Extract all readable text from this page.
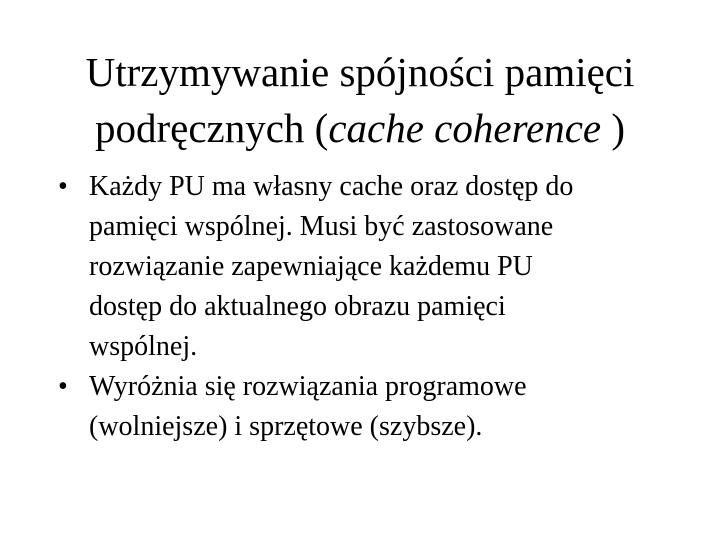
Utrzymywanie spójności pamięci
podręcznych (cache coherence )
• Każdy PU ma własny cache oraz dostęp do
pamięci wspólnej. Musi być zastosowane
rozwiązanie zapewniające każdemu PU
dostęp do aktualnego obrazu pamięci
wspólnej.
• Wyróżnia się rozwiązania programowe
(wolniejsze) i sprzętowe (szybsze).
